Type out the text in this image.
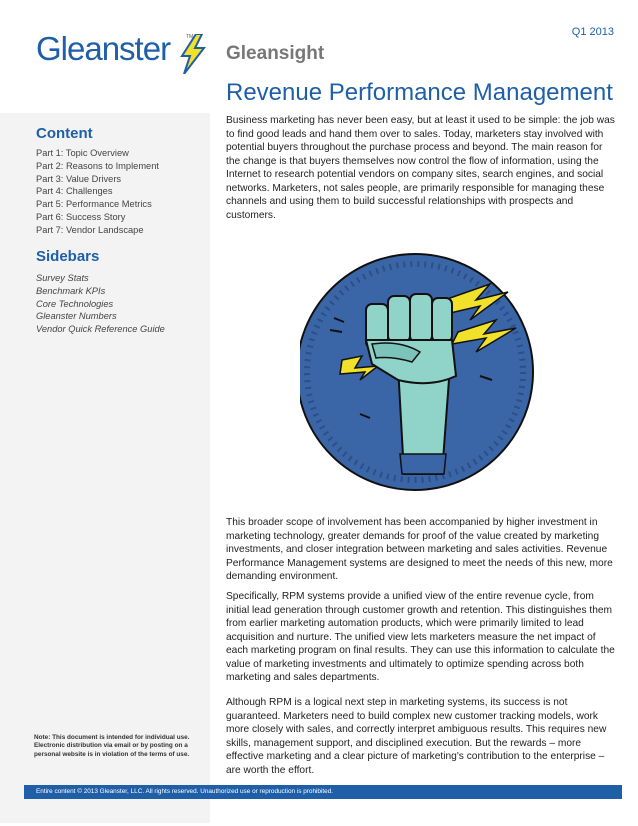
Gleanster	TM
Gleansight
Q1 2013
Revenue Performance Management
Content
Part 1: Topic Overview
Part 2: Reasons to Implement
Part 3: Value Drivers
Part 4: Challenges
Part 5: Performance Metrics
Part 6: Success Story
Part 7: Vendor Landscape
Sidebars
Survey Stats
Benchmark KPIs
Core Technologies
Gleanster Numbers
Vendor Quick Reference Guide
Note: This document is intended for individual use. Electronic distribution via email or by posting on a personal website is in violation of the terms of use.

Business marketing has never been easy, but at least it used to be simple: the job was to find good leads and hand them over to sales. Today, marketers stay involved with potential buyers throughout the purchase process and beyond. The main reason for the change is that buyers themselves now control the flow of information, using the Internet to research potential vendors on company sites, search engines, and social networks. Marketers, not sales people, are primarily responsible for managing these channels and using them to build successful relationships with prospects and customers.

This broader scope of involvement has been accompanied by higher investment in marketing technology, greater demands for proof of the value created by marketing investments, and closer integration between marketing and sales activities. Revenue Performance Management systems are designed to meet the needs of this new, more demanding environment.

Specifically, RPM systems provide a unified view of the entire revenue cycle, from initial lead generation through customer growth and retention. This distinguishes them from earlier marketing automation products, which were primarily limited to lead acquisition and nurture. The unified view lets marketers measure the net impact of each marketing program on final results. They can use this information to calculate the value of marketing investments and ultimately to optimize spending across both marketing and sales departments.

Although RPM is a logical next step in marketing systems, its success is not guaranteed. Marketers need to build complex new customer tracking models, work more closely with sales, and correctly interpret ambiguous results. This requires new skills, management support, and disciplined execution. But the rewards – more effective marketing and a clear picture of marketing's contribution to the enterprise – are worth the effort.

Entire content © 2013 Gleanster, LLC. All rights reserved. Unauthorized use or reproduction is prohibited.
